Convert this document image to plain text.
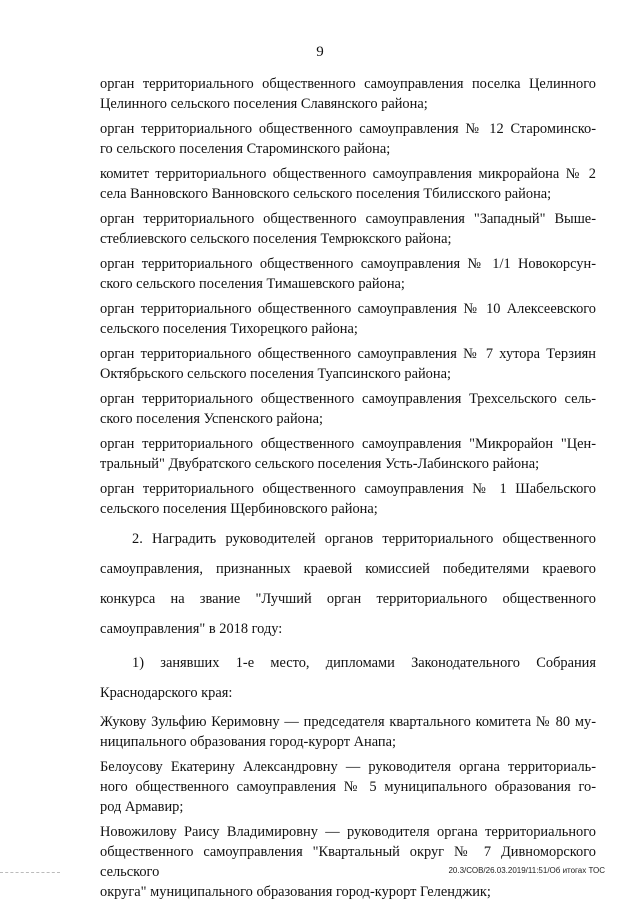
9
орган территориального общественного самоуправления поселка Целинного
Целинного сельского поселения Славянского района;
орган территориального общественного самоуправления № 12 Староминско-
го сельского поселения Староминского района;
комитет территориального общественного самоуправления микрорайона № 2
села Ванновского Ванновского сельского поселения Тбилисского района;
орган территориального общественного самоуправления "Западный" Выше-
стеблиевского сельского поселения Темрюкского района;
орган территориального общественного самоуправления № 1/1 Новокорсун-
ского сельского поселения Тимашевского района;
орган территориального общественного самоуправления № 10 Алексеевского
сельского поселения Тихорецкого района;
орган территориального общественного самоуправления № 7 хутора Терзиян
Октябрьского сельского поселения Туапсинского района;
орган территориального общественного самоуправления Трехсельского сель-
ского поселения Успенского района;
орган территориального общественного самоуправления "Микрорайон "Цен-
тральный" Двубратского сельского поселения Усть-Лабинского района;
орган территориального общественного самоуправления № 1 Шабельского
сельского поселения Щербиновского района;

2. Наградить руководителей органов территориального общественного самоуправления, признанных краевой комиссией победителями краевого конкурса на звание "Лучший орган территориального общественного самоуправления" в 2018 году:

1) занявших 1-е место, дипломами Законодательного Собрания Краснодарского края:

Жукову Зульфию Керимовну — председателя квартального комитета № 80 му-
ниципального образования город-курорт Анапа;
Белоусову Екатерину Александровну — руководителя органа территориаль-
ного общественного самоуправления № 5 муниципального образования го-
род Армавир;
Новожилову Раису Владимировну — руководителя органа территориального
общественного самоуправления "Квартальный округ № 7 Дивноморского сельского
округа" муниципального образования город-курорт Геленджик;
20.3/СОВ/26.03.2019/11:51/Об итогах ТОС
